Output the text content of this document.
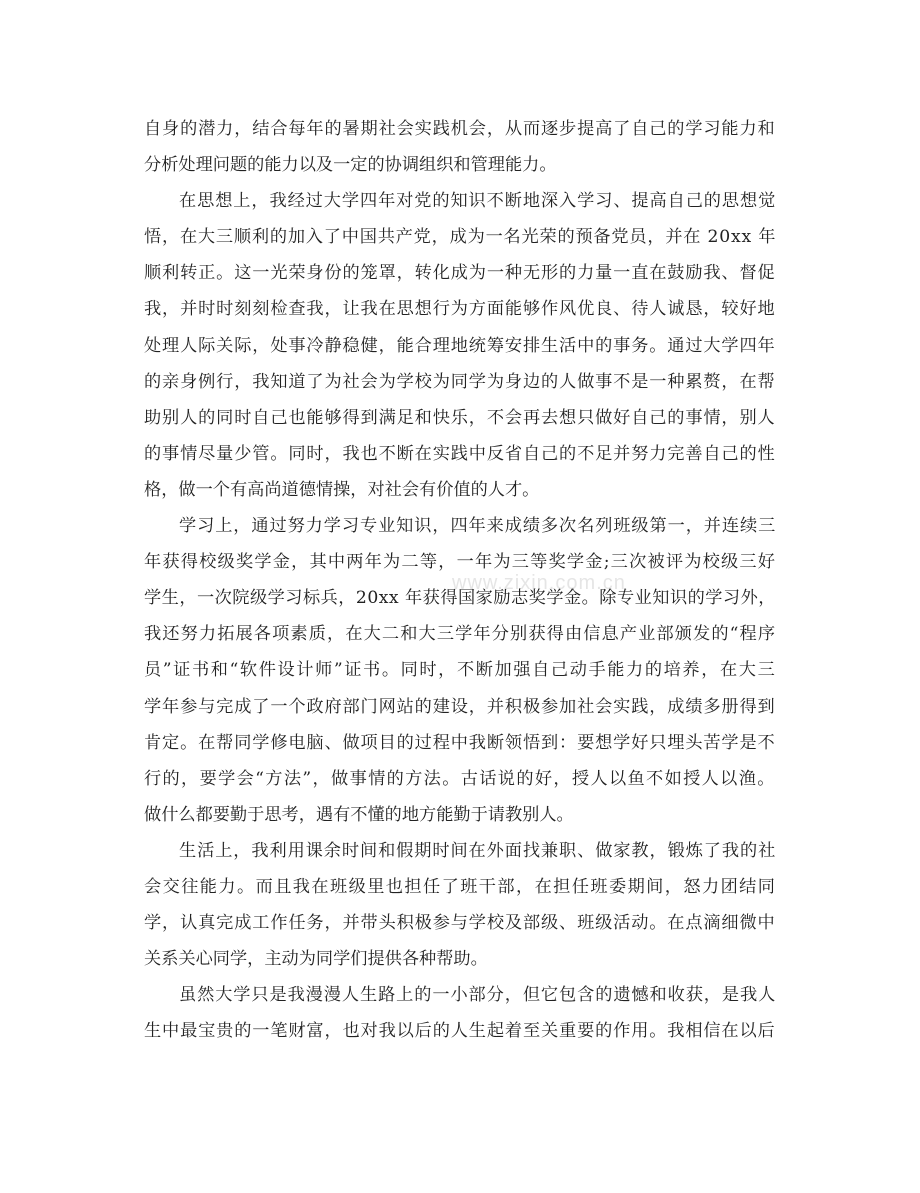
自身的潜力，结合每年的暑期社会实践机会，从而逐步提高了自己的学习能力和
分析处理问题的能力以及一定的协调组织和管理能力。
在思想上，我经过大学四年对党的知识不断地深入学习、提高自己的思想觉
悟，在大三顺利的加入了中国共产党，成为一名光荣的预备党员，并在 20xx 年
顺利转正。这一光荣身份的笼罩，转化成为一种无形的力量一直在鼓励我、督促
我，并时时刻刻检查我，让我在思想行为方面能够作风优良、待人诚恳，较好地
处理人际关际，处事冷静稳健，能合理地统筹安排生活中的事务。通过大学四年
的亲身例行，我知道了为社会为学校为同学为身边的人做事不是一种累赘，在帮
助别人的同时自己也能够得到满足和快乐，不会再去想只做好自己的事情，别人
的事情尽量少管。同时，我也不断在实践中反省自己的不足并努力完善自己的性
格，做一个有高尚道德情操，对社会有价值的人才。
学习上，通过努力学习专业知识，四年来成绩多次名列班级第一，并连续三
年获得校级奖学金，其中两年为二等，一年为三等奖学金;三次被评为校级三好
学生，一次院级学习标兵，20xx 年获得国家励志奖学金。除专业知识的学习外，
我还努力拓展各项素质，在大二和大三学年分别获得由信息产业部颁发的“程序
员”证书和“软件设计师”证书。同时，不断加强自己动手能力的培养，在大三
学年参与完成了一个政府部门网站的建设，并积极参加社会实践，成绩多册得到
肯定。在帮同学修电脑、做项目的过程中我断领悟到：要想学好只埋头苦学是不
行的，要学会“方法”，做事情的方法。古话说的好，授人以鱼不如授人以渔。
做什么都要勤于思考，遇有不懂的地方能勤于请教别人。
生活上，我利用课余时间和假期时间在外面找兼职、做家教，锻炼了我的社
会交往能力。而且我在班级里也担任了班干部，在担任班委期间，怒力团结同
学，认真完成工作任务，并带头积极参与学校及部级、班级活动。在点滴细微中
关系关心同学，主动为同学们提供各种帮助。
虽然大学只是我漫漫人生路上的一小部分，但它包含的遗憾和收获，是我人
生中最宝贵的一笔财富，也对我以后的人生起着至关重要的作用。我相信在以后
www.zixin.com.cn
